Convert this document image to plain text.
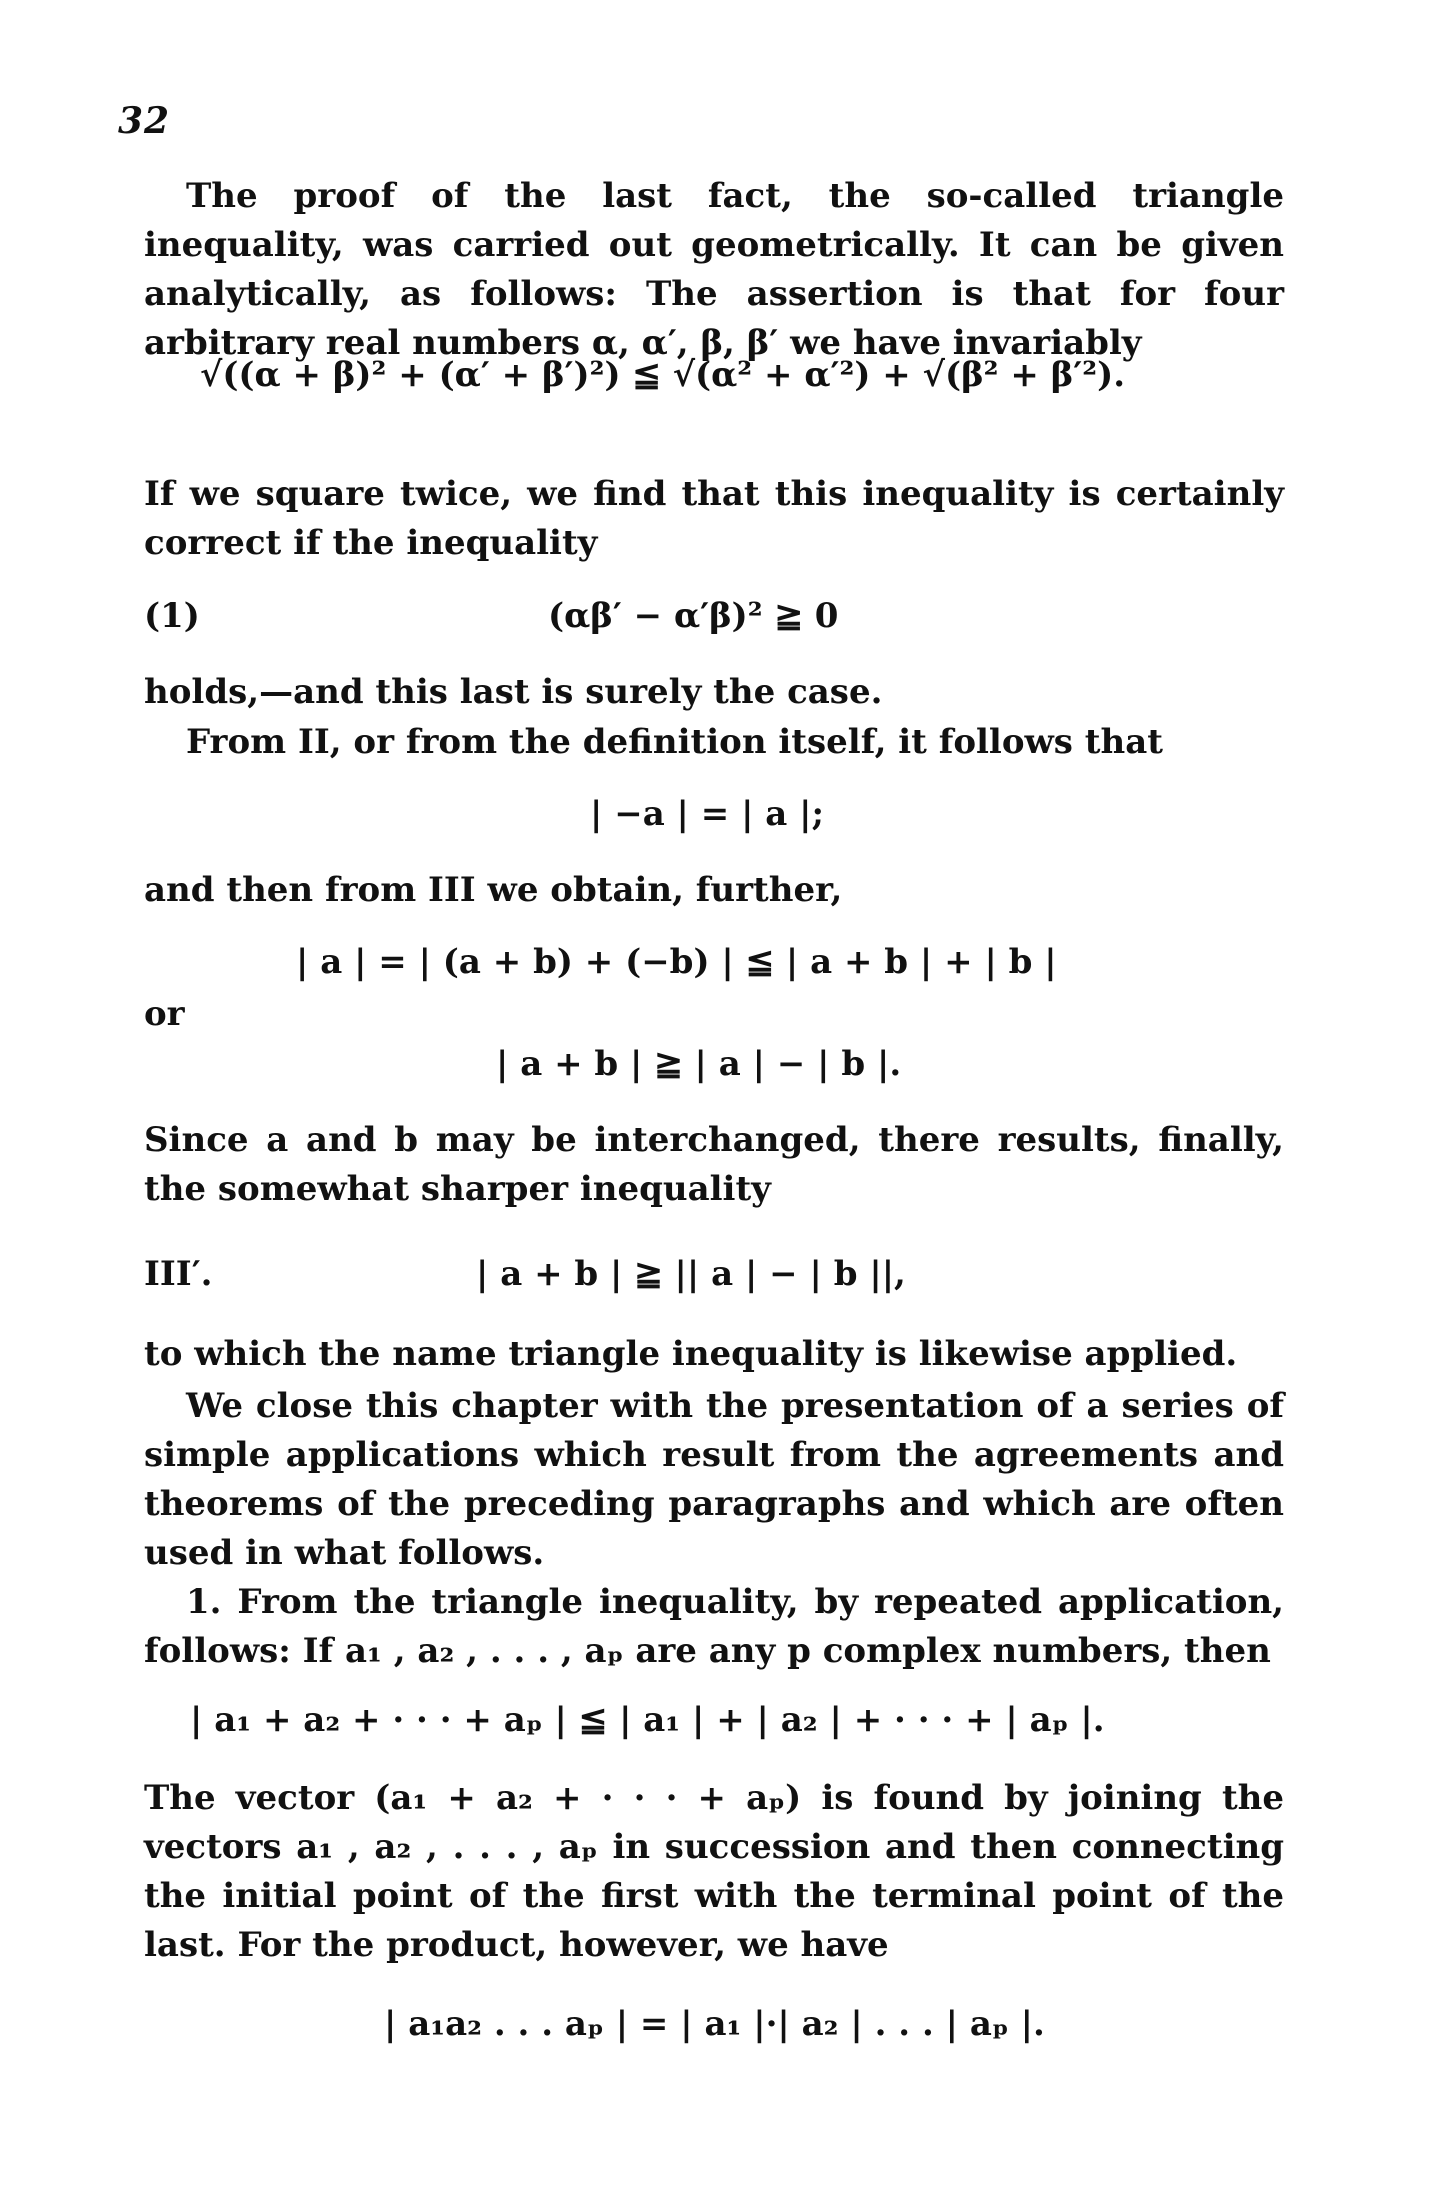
32
The proof of the last fact, the so-called triangle inequality, was carried out geometrically. It can be given analytically, as follows: The assertion is that for four arbitrary real numbers α, α′, β, β′ we have invariably
√((α + β)² + (α′ + β′)²) ≦ √(α² + α′²) + √(β² + β′²).
If we square twice, we find that this inequality is certainly correct if the inequality
(1)	(αβ′ − α′β)² ≧ 0
holds,—and this last is surely the case.
From II, or from the definition itself, it follows that
| −a | = | a |;
and then from III we obtain, further,
| a | = | (a + b) + (−b) | ≦ | a + b | + | b |
or
| a + b | ≧ | a | − | b |.
Since a and b may be interchanged, there results, finally, the somewhat sharper inequality
III′.	| a + b | ≧ || a | − | b ||,
to which the name triangle inequality is likewise applied.
We close this chapter with the presentation of a series of simple applications which result from the agreements and theorems of the preceding paragraphs and which are often used in what follows.
1. From the triangle inequality, by repeated application, follows: If a₁ , a₂ , . . . , aₚ are any p complex numbers, then
| a₁ + a₂ + · · · + aₚ | ≦ | a₁ | + | a₂ | + · · · + | aₚ |.
The vector (a₁ + a₂ + · · · + aₚ) is found by joining the vectors a₁ , a₂ , . . . , aₚ in succession and then connecting the initial point of the first with the terminal point of the last. For the product, however, we have
| a₁a₂ . . . aₚ | = | a₁ |·| a₂ | . . . | aₚ |.
